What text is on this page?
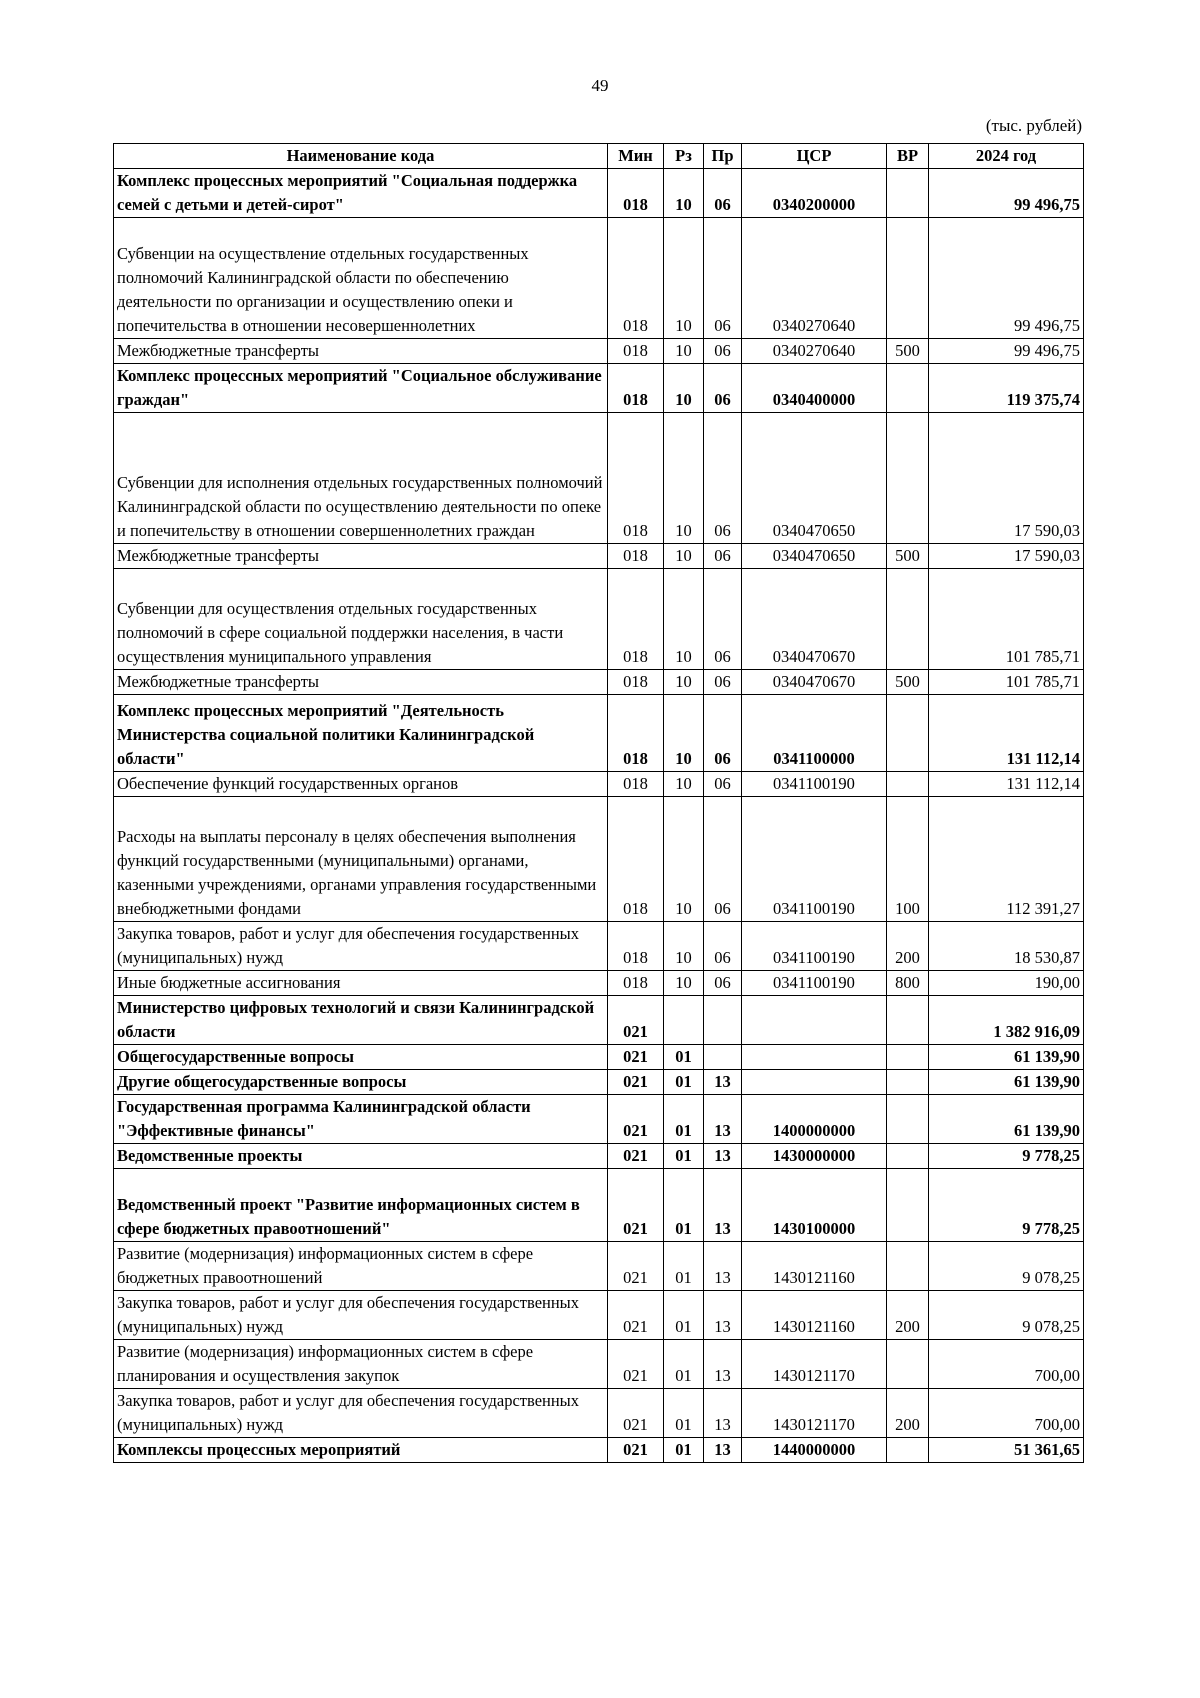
49
(тыс. рублей)
Наименование кода	Мин	Рз	Пр	ЦСР	ВР	2024 год
Комплекс процессных мероприятий "Социальная поддержка семей с детьми и детей-сирот"	018	10	06	0340200000		99 496,75
Субвенции на осуществление отдельных государственных полномочий Калининградской области по обеспечению деятельности по организации и осуществлению опеки и попечительства в отношении несовершеннолетних	018	10	06	0340270640		99 496,75
Межбюджетные трансферты	018	10	06	0340270640	500	99 496,75
Комплекс процессных мероприятий "Социальное обслуживание граждан"	018	10	06	0340400000		119 375,74
Субвенции для исполнения отдельных государственных полномочий Калининградской области по осуществлению деятельности по опеке и попечительству в отношении совершеннолетних граждан	018	10	06	0340470650		17 590,03
Межбюджетные трансферты	018	10	06	0340470650	500	17 590,03
Субвенции для осуществления отдельных государственных полномочий в сфере социальной поддержки населения, в части осуществления муниципального управления	018	10	06	0340470670		101 785,71
Межбюджетные трансферты	018	10	06	0340470670	500	101 785,71
Комплекс процессных мероприятий "Деятельность Министерства социальной политики Калининградской области"	018	10	06	0341100000		131 112,14
Обеспечение функций государственных органов	018	10	06	0341100190		131 112,14
Расходы на выплаты персоналу в целях обеспечения выполнения функций государственными (муниципальными) органами, казенными учреждениями, органами управления государственными внебюджетными фондами	018	10	06	0341100190	100	112 391,27
Закупка товаров, работ и услуг для обеспечения государственных (муниципальных) нужд	018	10	06	0341100190	200	18 530,87
Иные бюджетные ассигнования	018	10	06	0341100190	800	190,00
Министерство цифровых технологий и связи Калининградской области	021					1 382 916,09
Общегосударственные вопросы	021	01				61 139,90
Другие общегосударственные вопросы	021	01	13			61 139,90
Государственная программа Калининградской области "Эффективные финансы"	021	01	13	1400000000		61 139,90
Ведомственные проекты	021	01	13	1430000000		9 778,25
Ведомственный проект "Развитие информационных систем в сфере бюджетных правоотношений"	021	01	13	1430100000		9 778,25
Развитие (модернизация) информационных систем в сфере бюджетных правоотношений	021	01	13	1430121160		9 078,25
Закупка товаров, работ и услуг для обеспечения государственных (муниципальных) нужд	021	01	13	1430121160	200	9 078,25
Развитие (модернизация) информационных систем в сфере планирования и осуществления закупок	021	01	13	1430121170		700,00
Закупка товаров, работ и услуг для обеспечения государственных (муниципальных) нужд	021	01	13	1430121170	200	700,00
Комплексы процессных мероприятий	021	01	13	1440000000		51 361,65
